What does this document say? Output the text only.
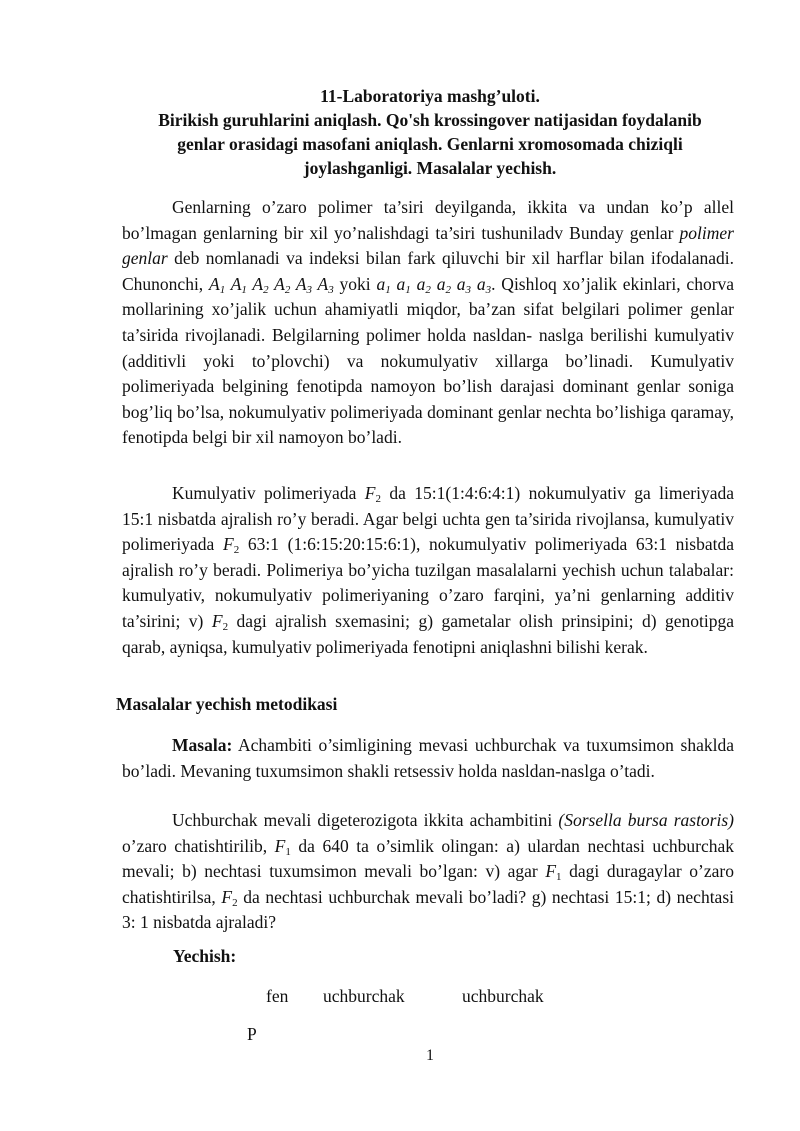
11-Laboratoriya mashg’uloti.
Birikish guruhlarini aniqlash. Qo'sh krossingover natijasidan foydalanib
genlar orasidagi masofani aniqlash. Genlarni xromosomada chiziqli
joylashganligi. Masalalar yechish.

Genlarning o’zaro polimer ta’siri deyilganda, ikkita va undan ko’p allel bo’lmagan genlarning bir xil yo’nalishdagi ta’siri tushuniladv Bunday genlar polimer genlar deb nomlanadi va indeksi bilan fark qiluvchi bir xil harflar bilan ifodalanadi. Chunonchi, $A_1$ $A_1$ $A_2$ $A_2$ $A_3$ $A_3$ yoki $a_1$ $a_1$ $a_2$ $a_2$ $a_3$ $a_3$. Qishloq xo’jalik ekinlari, chorva mollarining xo’jalik uchun ahamiyatli miqdor, ba’zan sifat belgilari polimer genlar ta’sirida rivojlanadi. Belgilarning polimer holda nasldan- naslga berilishi kumulyativ (additivli yoki to’plovchi) va nokumulyativ xillarga bo’linadi. Kumulyativ polimeriyada belgining fenotipda namoyon bo’lish darajasi dominant genlar soniga bog’liq bo’lsa, nokumulyativ polimeriyada dominant genlar nechta bo’lishiga qaramay, fenotipda belgi bir xil namoyon bo’ladi.

Kumulyativ polimeriyada $F_2$ da 15:1(1:4:6:4:1) nokumulyativ ga limeriyada 15:1 nisbatda ajralish ro’y beradi. Agar belgi uchta gen ta’sirida rivojlansa, kumulyativ polimeriyada $F_2$ 63:1 (1:6:15:20:15:6:1), nokumulyativ polimeriyada 63:1 nisbatda ajralish ro’y beradi. Polimeriya bo’yicha tuzilgan masalalarni yechish uchun talabalar: kumulyativ, nokumulyativ polimeriyaning o’zaro farqini, ya’ni genlarning additiv ta’sirini; v) $F_2$ dagi ajralish sxemasini; g) gametalar olish prinsipini; d) genotipga qarab, ayniqsa, kumulyativ polimeriyada fenotipni aniqlashni bilishi kerak.

Masalalar yechish metodikasi

Masala: Achambiti o’simligining mevasi uchburchak va tuxumsimon shaklda bo’ladi. Mevaning tuxumsimon shakli retsessiv holda nasldan-naslga o’tadi.

Uchburchak mevali digeterozigota ikkita achambitini (Sorsella bursa rastoris) o’zaro chatishtirilib, $F_1$ da 640 ta o’simlik olingan: a) ulardan nechtasi uchburchak mevali; b) nechtasi tuxumsimon mevali bo’lgan: v) agar $F_1$ dagi duragaylar o’zaro chatishtirilsa, $F_2$ da nechtasi uchburchak mevali bo’ladi? g) nechtasi 15:1; d) nechtasi 3: 1 nisbatda ajraladi?

Yechish:
fen uchburchak	uchburchak
P
1
